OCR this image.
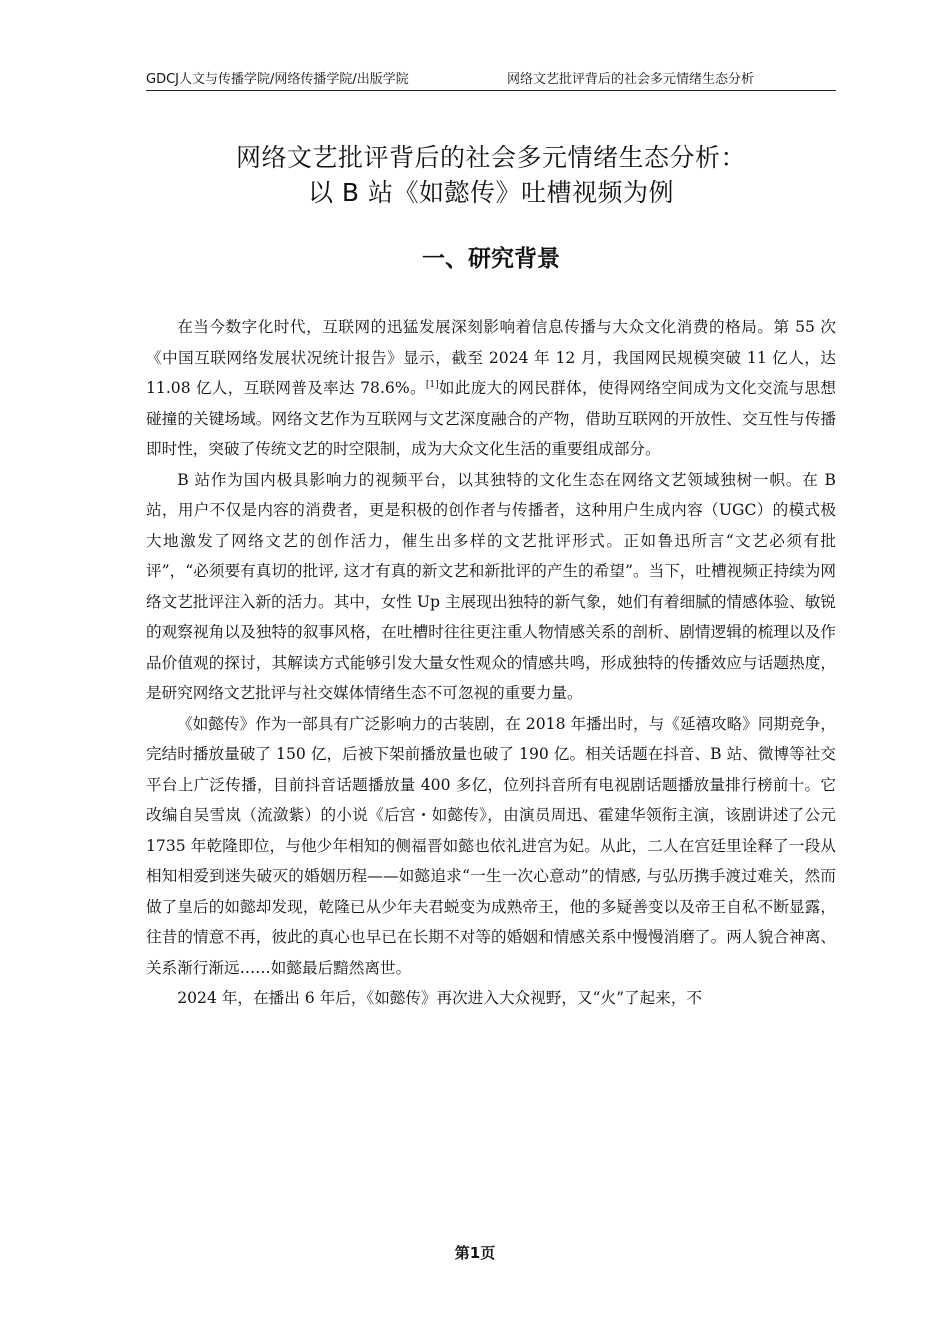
GDCJ人文与传播学院/网络传播学院/出版学院	网络文艺批评背后的社会多元情绪生态分析
网络文艺批评背后的社会多元情绪生态分析：
以 B 站《如懿传》吐槽视频为例
一、研究背景

在当今数字化时代，互联网的迅猛发展深刻影响着信息传播与大众文化消费的格局。第 55 次《中国互联网络发展状况统计报告》显示，截至 2024 年 12 月，我国网民规模突破 11 亿人，达 11.08 亿人，互联网普及率达 78.6%。[1]如此庞大的网民群体，使得网络空间成为文化交流与思想碰撞的关键场域。网络文艺作为互联网与文艺深度融合的产物，借助互联网的开放性、交互性与传播即时性，突破了传统文艺的时空限制，成为大众文化生活的重要组成部分。

B 站作为国内极具影响力的视频平台，以其独特的文化生态在网络文艺领域独树一帜。在 B 站，用户不仅是内容的消费者，更是积极的创作者与传播者，这种用户生成内容（UGC）的模式极大地激发了网络文艺的创作活力，催生出多样的文艺批评形式。正如鲁迅所言“文艺必须有批评”，“必须要有真切的批评, 这才有真的新文艺和新批评的产生的希望”。当下，吐槽视频正持续为网络文艺批评注入新的活力。其中，女性 Up 主展现出独特的新气象，她们有着细腻的情感体验、敏锐的观察视角以及独特的叙事风格，在吐槽时往往更注重人物情感关系的剖析、剧情逻辑的梳理以及作品价值观的探讨，其解读方式能够引发大量女性观众的情感共鸣，形成独特的传播效应与话题热度，是研究网络文艺批评与社交媒体情绪生态不可忽视的重要力量。

《如懿传》作为一部具有广泛影响力的古装剧，在 2018 年播出时，与《延禧攻略》同期竞争，完结时播放量破了 150 亿，后被下架前播放量也破了 190 亿。相关话题在抖音、B 站、微博等社交平台上广泛传播，目前抖音话题播放量 400 多亿，位列抖音所有电视剧话题播放量排行榜前十。它改编自吴雪岚（流潋紫）的小说《后宫・如懿传》，由演员周迅、霍建华领衔主演，该剧讲述了公元 1735 年乾隆即位，与他少年相知的侧福晋如懿也依礼进宫为妃。从此，二人在宫廷里诠释了一段从相知相爱到迷失破灭的婚姻历程——如懿追求“一生一次心意动”的情感, 与弘历携手渡过难关，然而做了皇后的如懿却发现，乾隆已从少年夫君蜕变为成熟帝王，他的多疑善变以及帝王自私不断显露，往昔的情意不再，彼此的真心也早已在长期不对等的婚姻和情感关系中慢慢消磨了。两人貌合神离、关系渐行渐远……如懿最后黯然离世。

2024 年，在播出 6 年后，《如懿传》再次进入大众视野，又“火”了起来，不

第1页
